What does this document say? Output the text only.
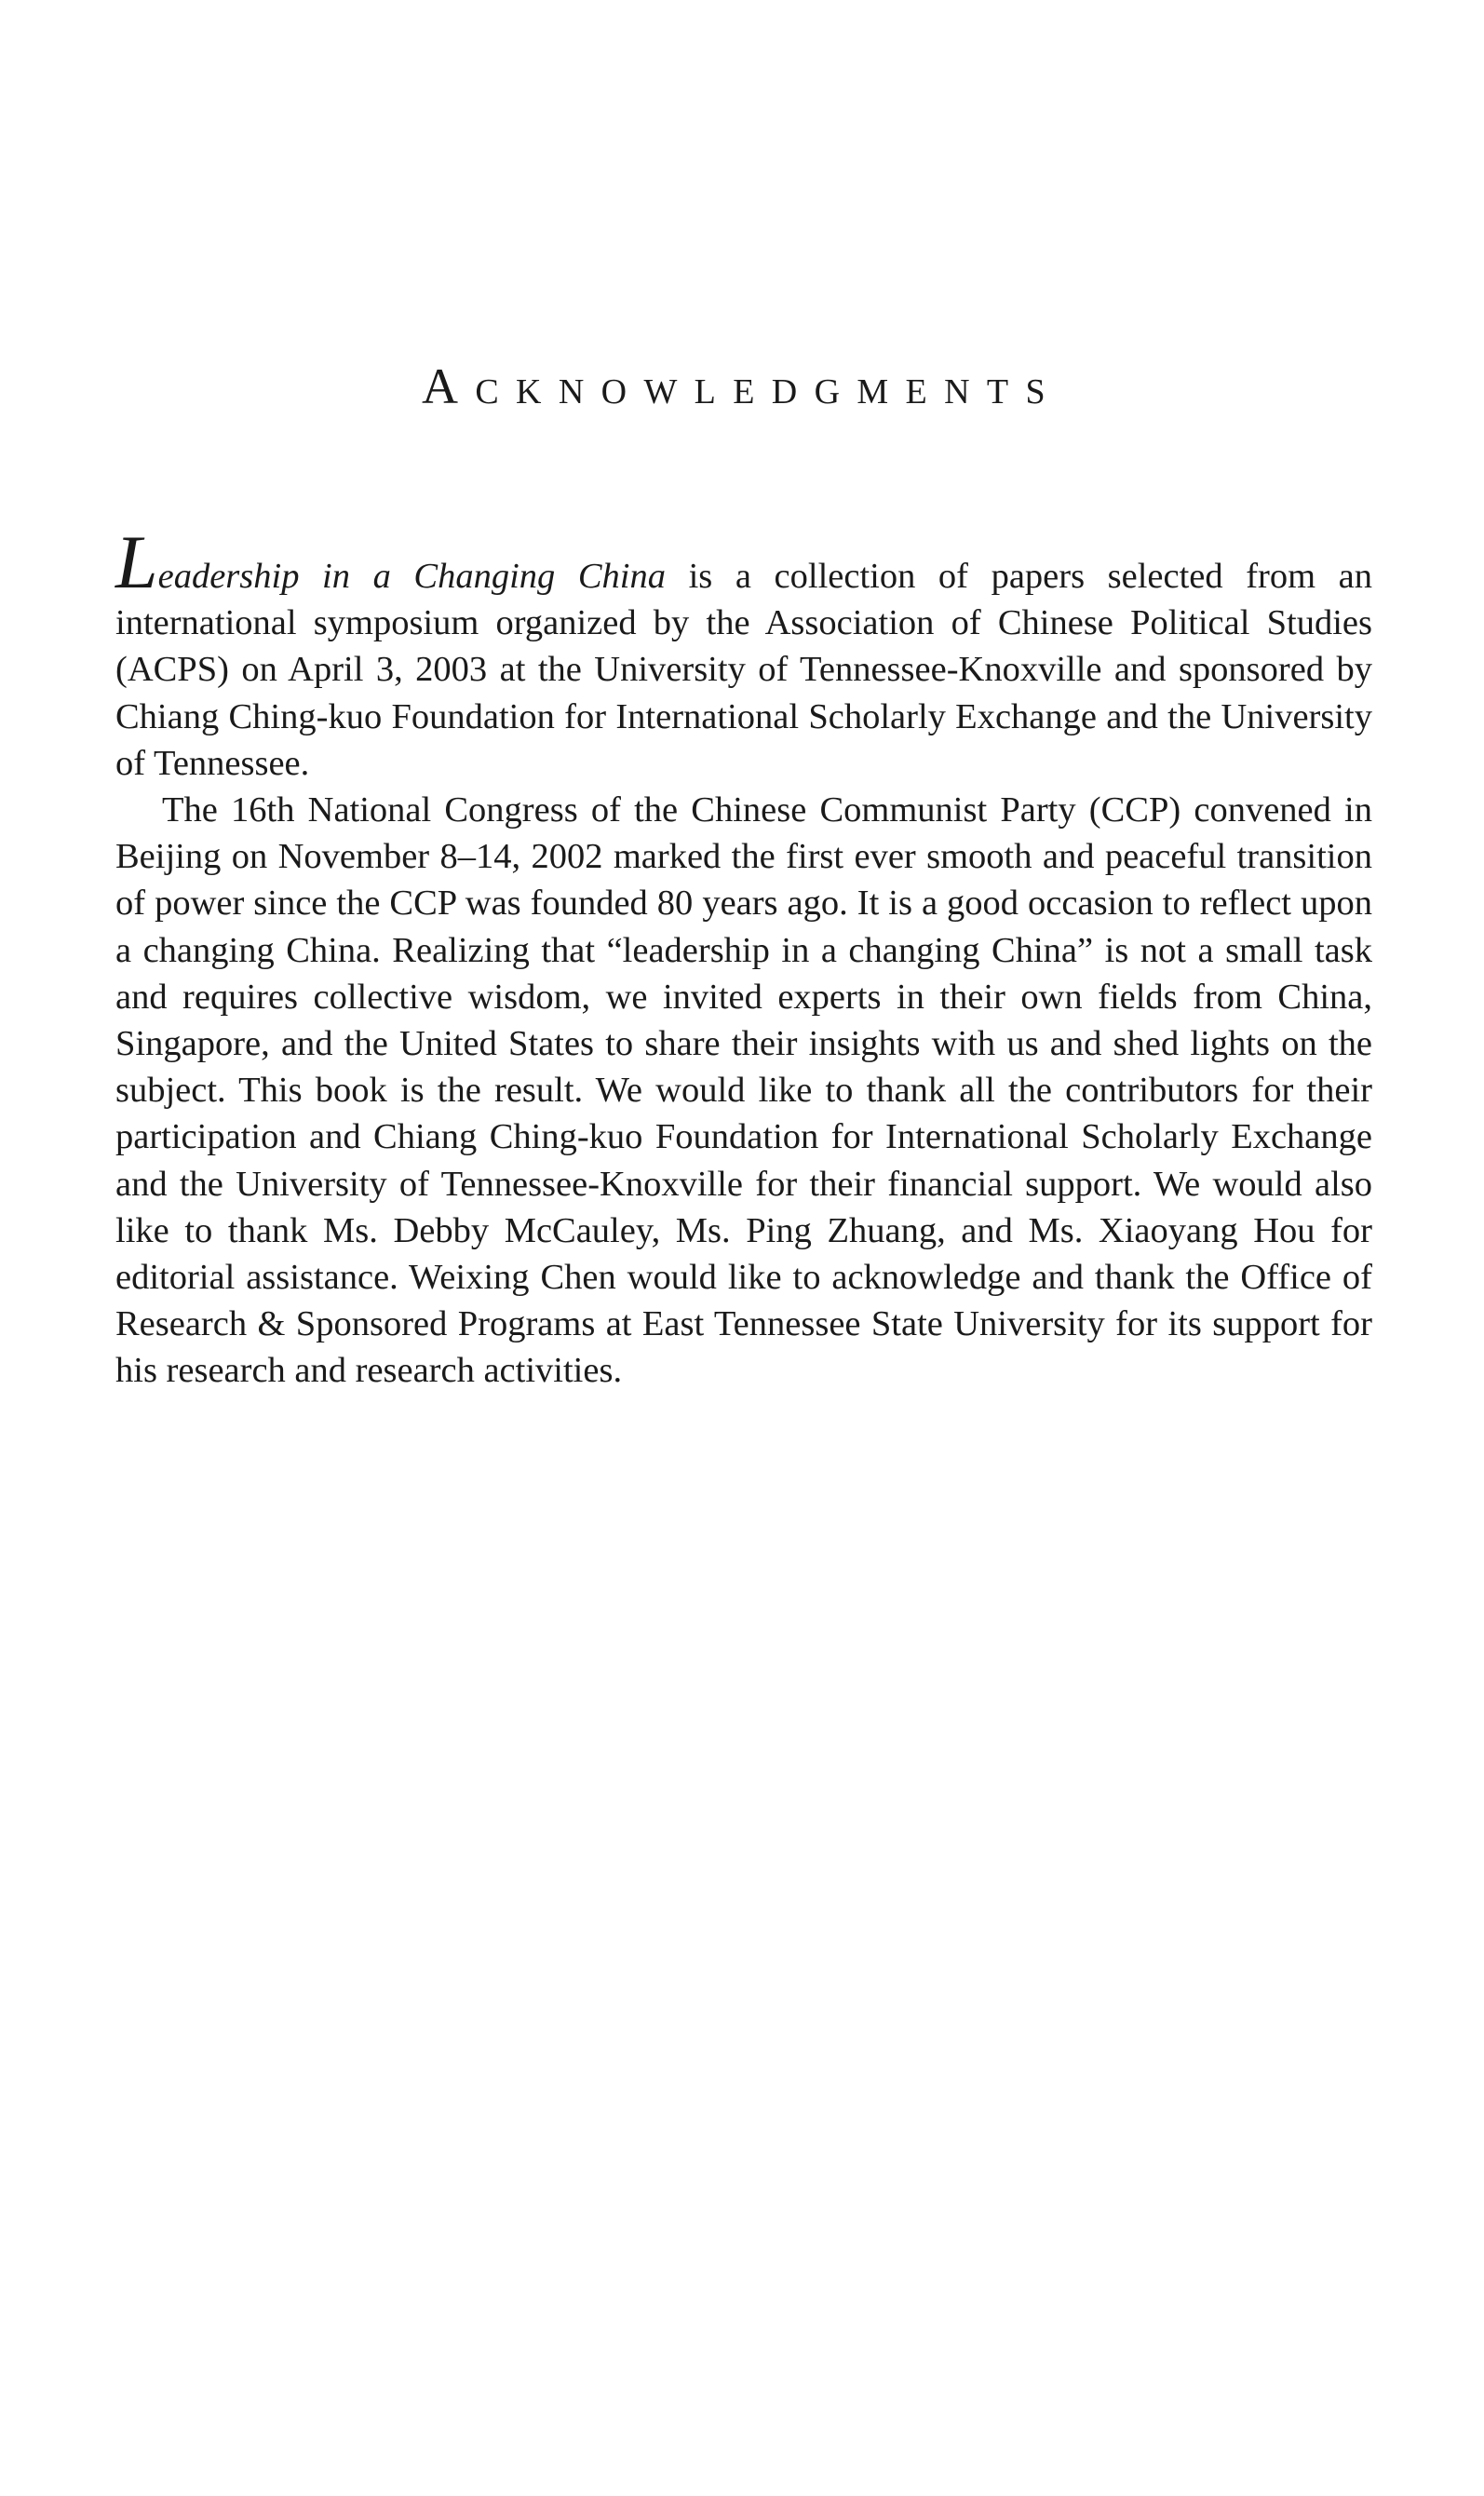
Acknowledgments

Leadership in a Changing China is a collection of papers selected from an international symposium organized by the Association of Chinese Political Studies (ACPS) on April 3, 2003 at the University of Tennessee-Knoxville and sponsored by Chiang Ching-kuo Foundation for International Scholarly Exchange and the University of Tennessee.

The 16th National Congress of the Chinese Communist Party (CCP) convened in Beijing on November 8–14, 2002 marked the first ever smooth and peaceful transition of power since the CCP was founded 80 years ago. It is a good occasion to reflect upon a changing China. Realizing that “leadership in a changing China” is not a small task and requires collective wisdom, we invited experts in their own fields from China, Singapore, and the United States to share their insights with us and shed lights on the subject. This book is the result. We would like to thank all the contributors for their participation and Chiang Ching-kuo Foundation for International Scholarly Exchange and the University of Tennessee-Knoxville for their financial support. We would also like to thank Ms. Debby McCauley, Ms. Ping Zhuang, and Ms. Xiaoyang Hou for editorial assistance. Weixing Chen would like to acknowledge and thank the Office of Research & Sponsored Programs at East Tennessee State University for its support for his research and research activities.
